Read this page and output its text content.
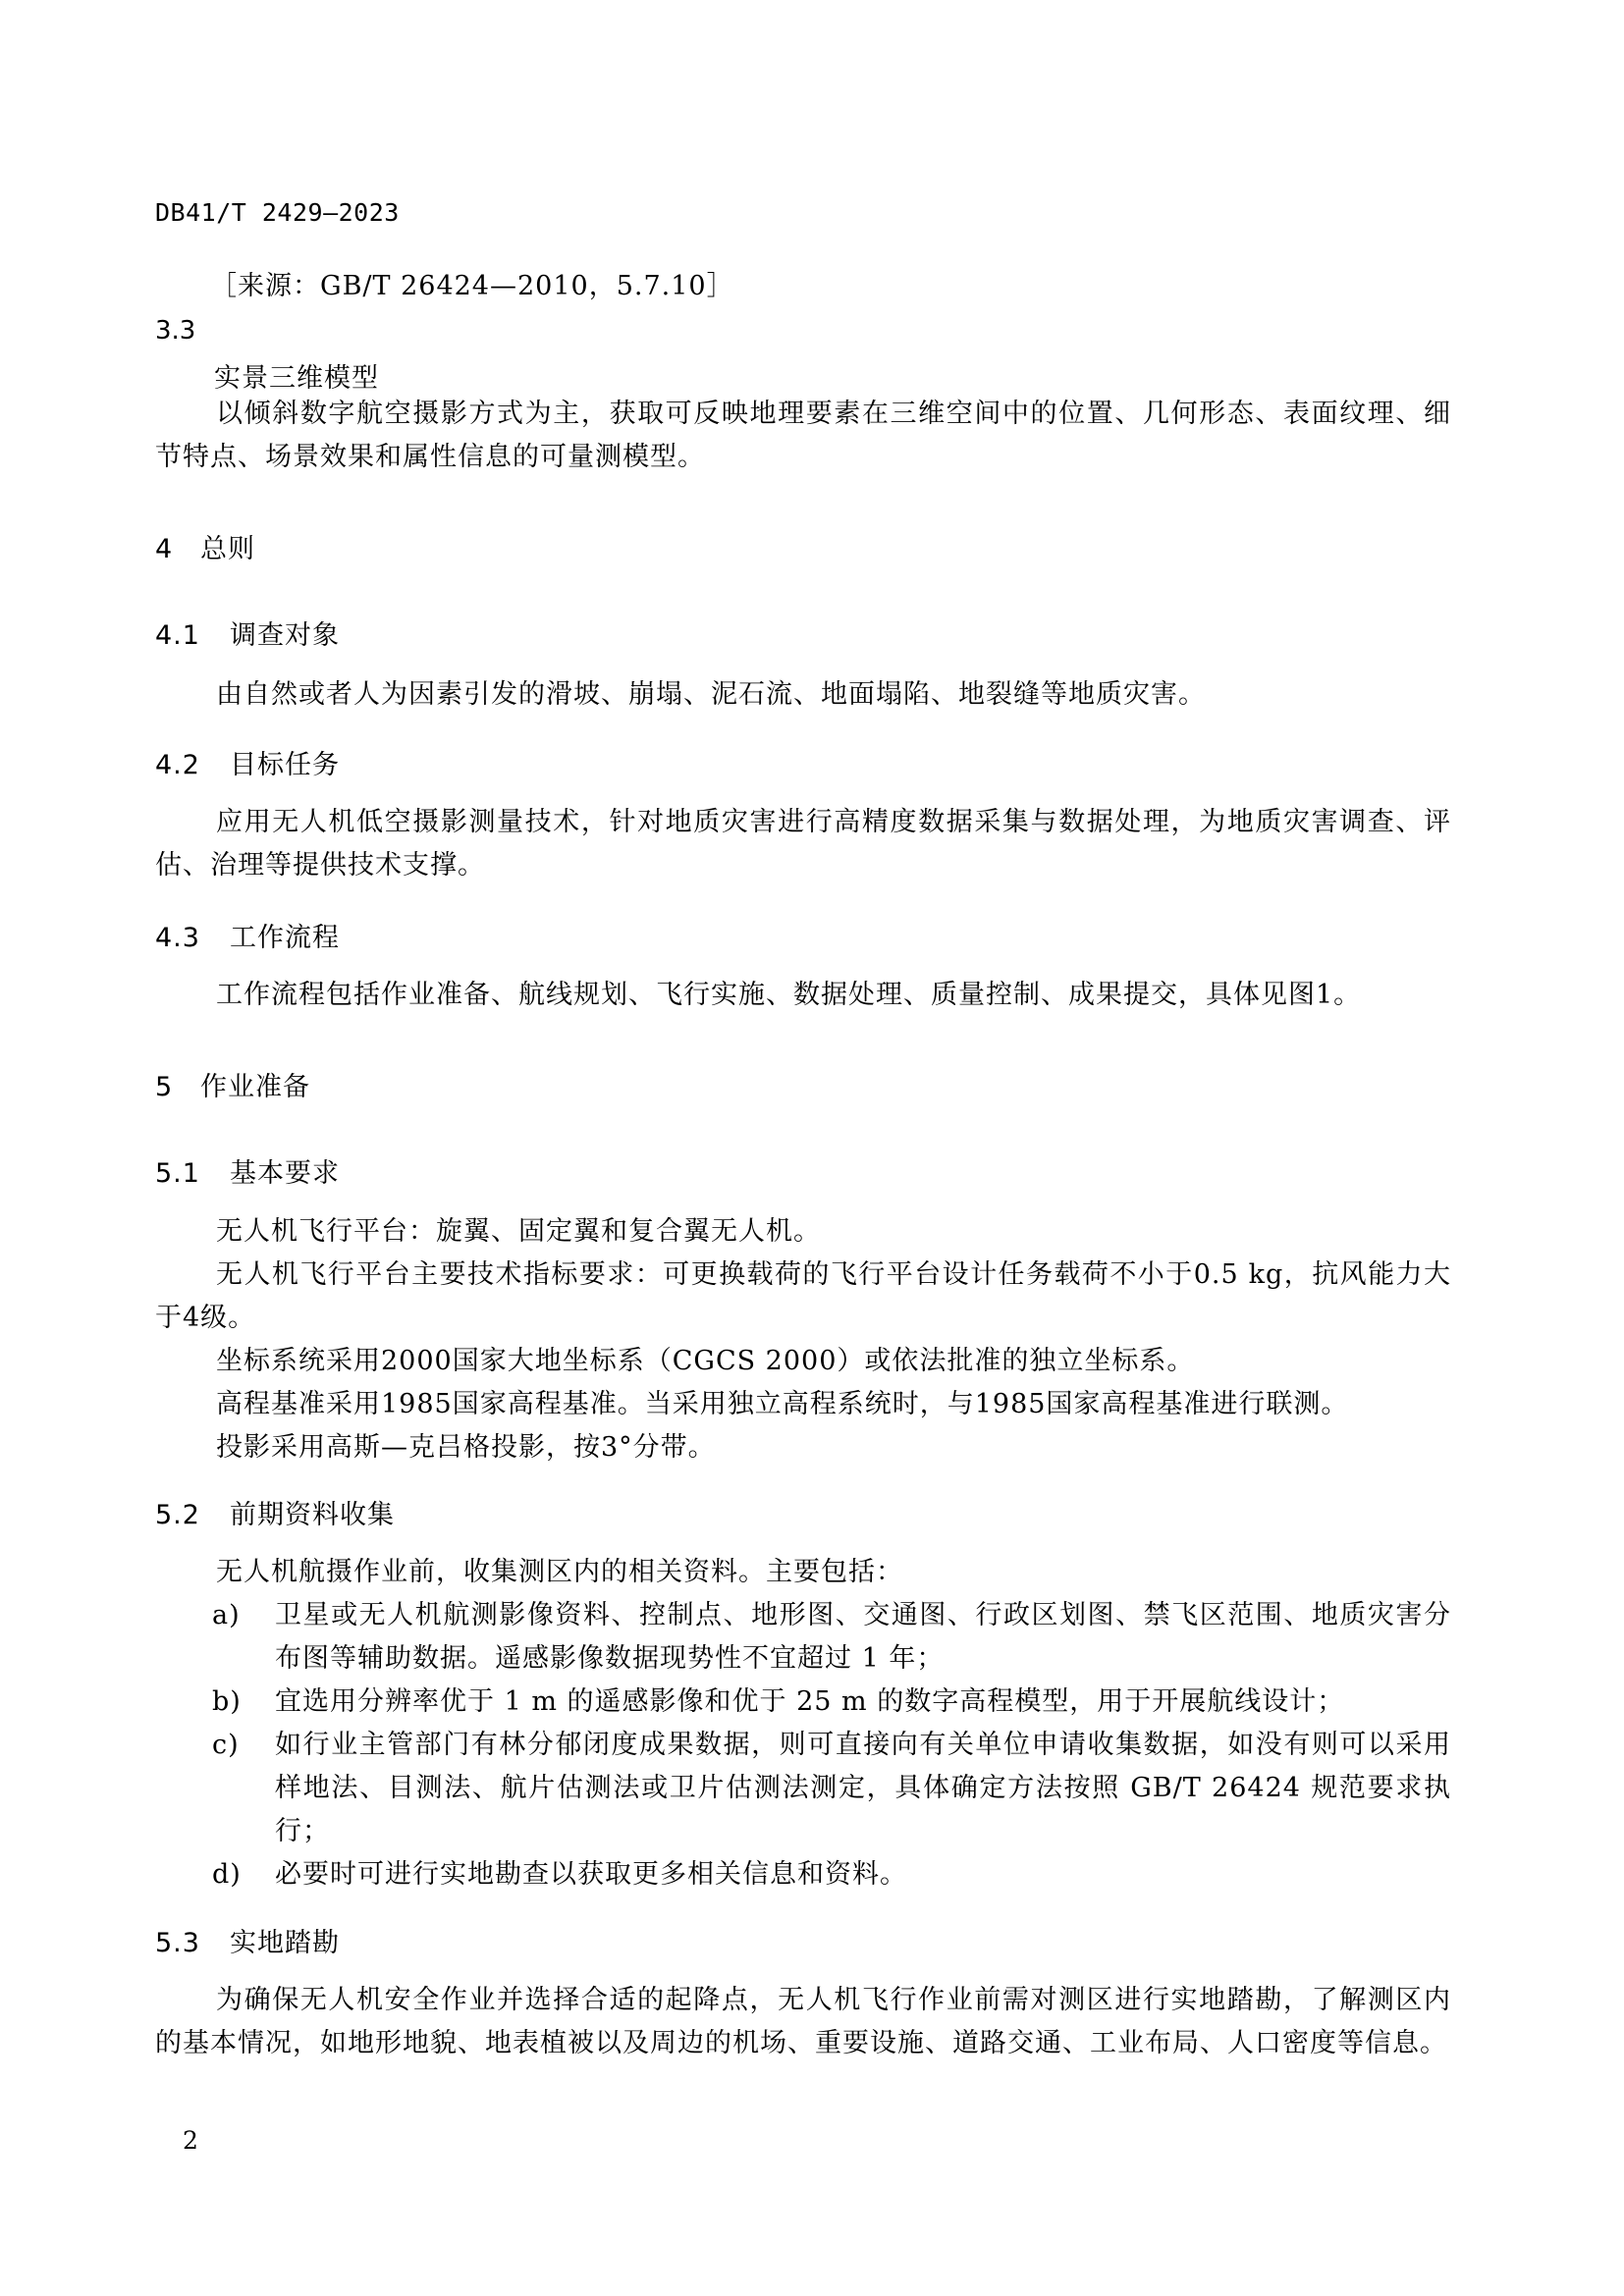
DB41/T 2429—2023
［来源：GB/T 26424—2010，5.7.10］
3.3
实景三维模型
以倾斜数字航空摄影方式为主，获取可反映地理要素在三维空间中的位置、几何形态、表面纹理、细节特点、场景效果和属性信息的可量测模型。
4 总则
4.1 调查对象
由自然或者人为因素引发的滑坡、崩塌、泥石流、地面塌陷、地裂缝等地质灾害。
4.2 目标任务
应用无人机低空摄影测量技术，针对地质灾害进行高精度数据采集与数据处理，为地质灾害调查、评估、治理等提供技术支撑。
4.3 工作流程
工作流程包括作业准备、航线规划、飞行实施、数据处理、质量控制、成果提交，具体见图1。
5 作业准备
5.1 基本要求
无人机飞行平台：旋翼、固定翼和复合翼无人机。
无人机飞行平台主要技术指标要求：可更换载荷的飞行平台设计任务载荷不小于0.5 kg，抗风能力大于4级。
坐标系统采用2000国家大地坐标系（CGCS 2000）或依法批准的独立坐标系。
高程基准采用1985国家高程基准。当采用独立高程系统时，与1985国家高程基准进行联测。
投影采用高斯—克吕格投影，按3°分带。
5.2 前期资料收集
无人机航摄作业前，收集测区内的相关资料。主要包括：
a) 卫星或无人机航测影像资料、控制点、地形图、交通图、行政区划图、禁飞区范围、地质灾害分布图等辅助数据。遥感影像数据现势性不宜超过 1 年；
b) 宜选用分辨率优于 1 m 的遥感影像和优于 25 m 的数字高程模型，用于开展航线设计；
c) 如行业主管部门有林分郁闭度成果数据，则可直接向有关单位申请收集数据，如没有则可以采用样地法、目测法、航片估测法或卫片估测法测定，具体确定方法按照 GB/T 26424 规范要求执行；
d) 必要时可进行实地勘查以获取更多相关信息和资料。
5.3 实地踏勘
为确保无人机安全作业并选择合适的起降点，无人机飞行作业前需对测区进行实地踏勘，了解测区内的基本情况，如地形地貌、地表植被以及周边的机场、重要设施、道路交通、工业布局、人口密度等信息。
2
